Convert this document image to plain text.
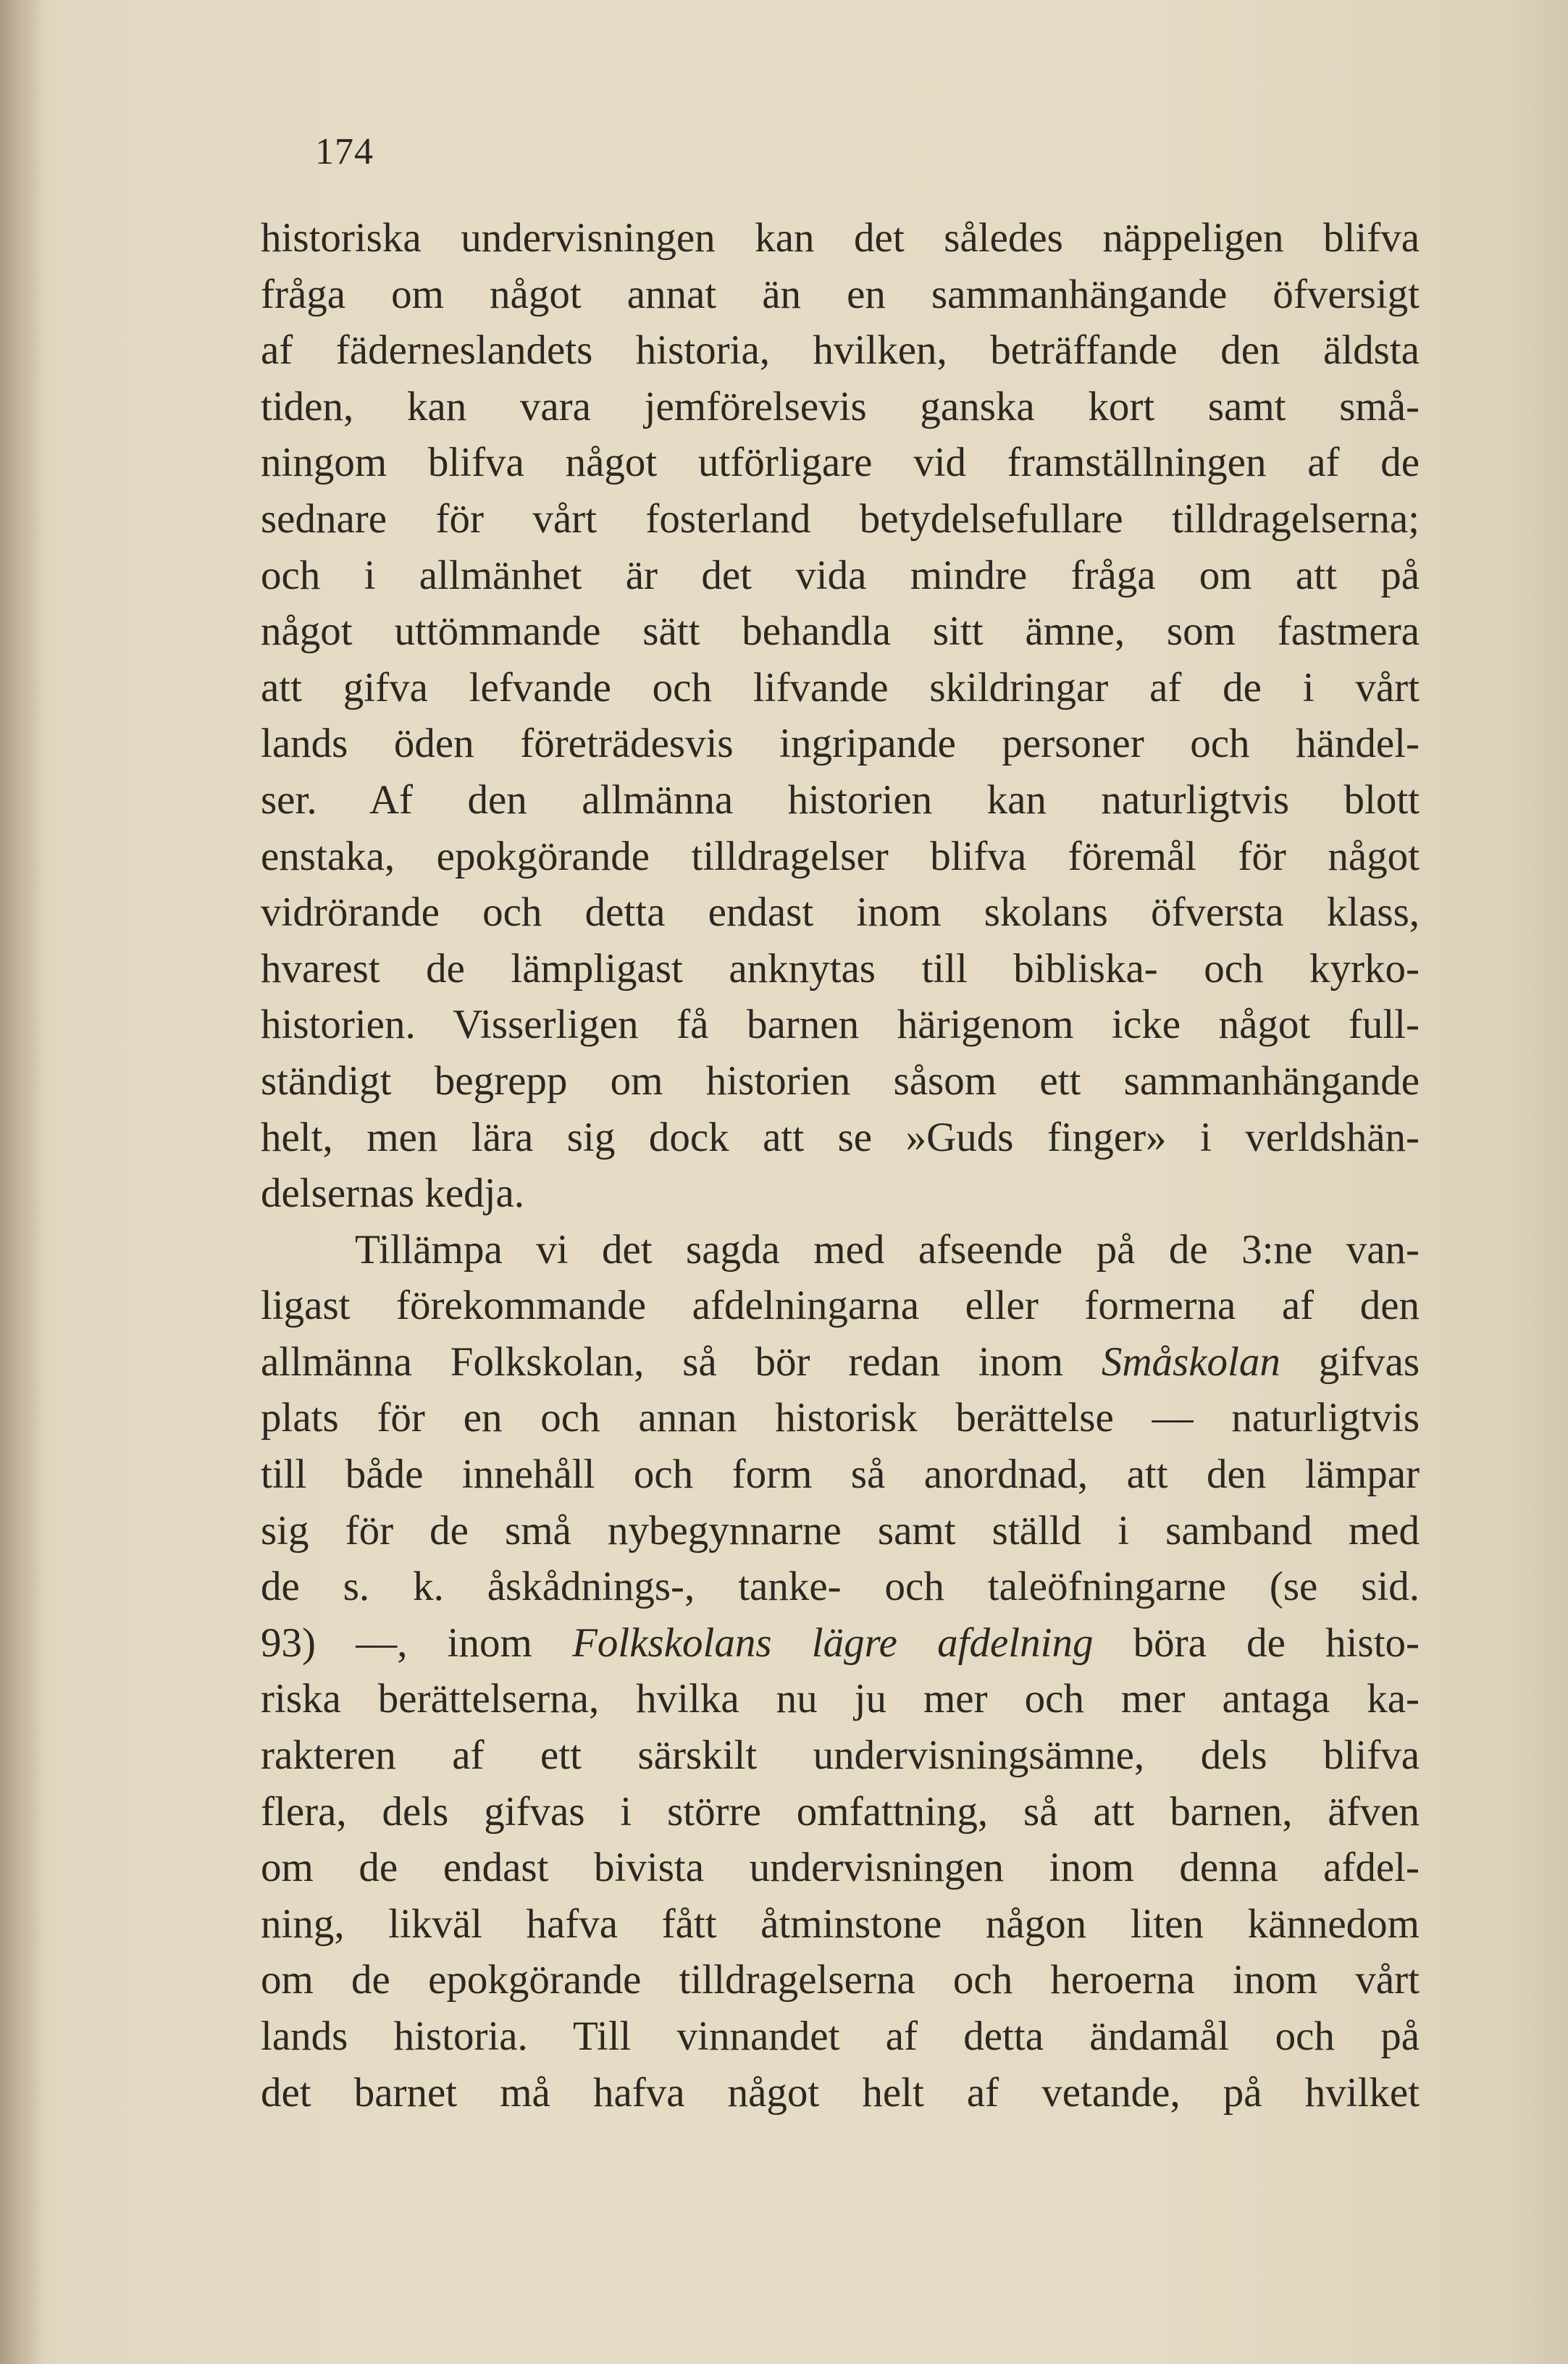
174
historiska undervisningen kan det således näppeligen blifva
fråga om något annat än en sammanhängande öfversigt
af fäderneslandets historia, hvilken, beträffande den äldsta
tiden, kan vara jemförelsevis ganska kort samt små-
ningom blifva något utförligare vid framställningen af de
sednare för vårt fosterland betydelsefullare tilldragelserna;
och i allmänhet är det vida mindre fråga om att på
något uttömmande sätt behandla sitt ämne, som fastmera
att gifva lefvande och lifvande skildringar af de i vårt
lands öden företrädesvis ingripande personer och händel-
ser. Af den allmänna historien kan naturligtvis blott
enstaka, epokgörande tilldragelser blifva föremål för något
vidrörande och detta endast inom skolans öfversta klass,
hvarest de lämpligast anknytas till bibliska- och kyrko-
historien. Visserligen få barnen härigenom icke något full-
ständigt begrepp om historien såsom ett sammanhängande
helt, men lära sig dock att se »Guds finger» i verldshän-
delsernas kedja.
Tillämpa vi det sagda med afseende på de 3:ne van-
ligast förekommande afdelningarna eller formerna af den
allmänna Folkskolan, så bör redan inom Småskolan gifvas
plats för en och annan historisk berättelse — naturligtvis
till både innehåll och form så anordnad, att den lämpar
sig för de små nybegynnarne samt ställd i samband med
de s. k. åskådnings-, tanke- och taleöfningarne (se sid.
93) —, inom Folkskolans lägre afdelning böra de histo-
riska berättelserna, hvilka nu ju mer och mer antaga ka-
rakteren af ett särskilt undervisningsämne, dels blifva
flera, dels gifvas i större omfattning, så att barnen, äfven
om de endast bivista undervisningen inom denna afdel-
ning, likväl hafva fått åtminstone någon liten kännedom
om de epokgörande tilldragelserna och heroerna inom vårt
lands historia. Till vinnandet af detta ändamål och på
det barnet må hafva något helt af vetande, på hvilket
